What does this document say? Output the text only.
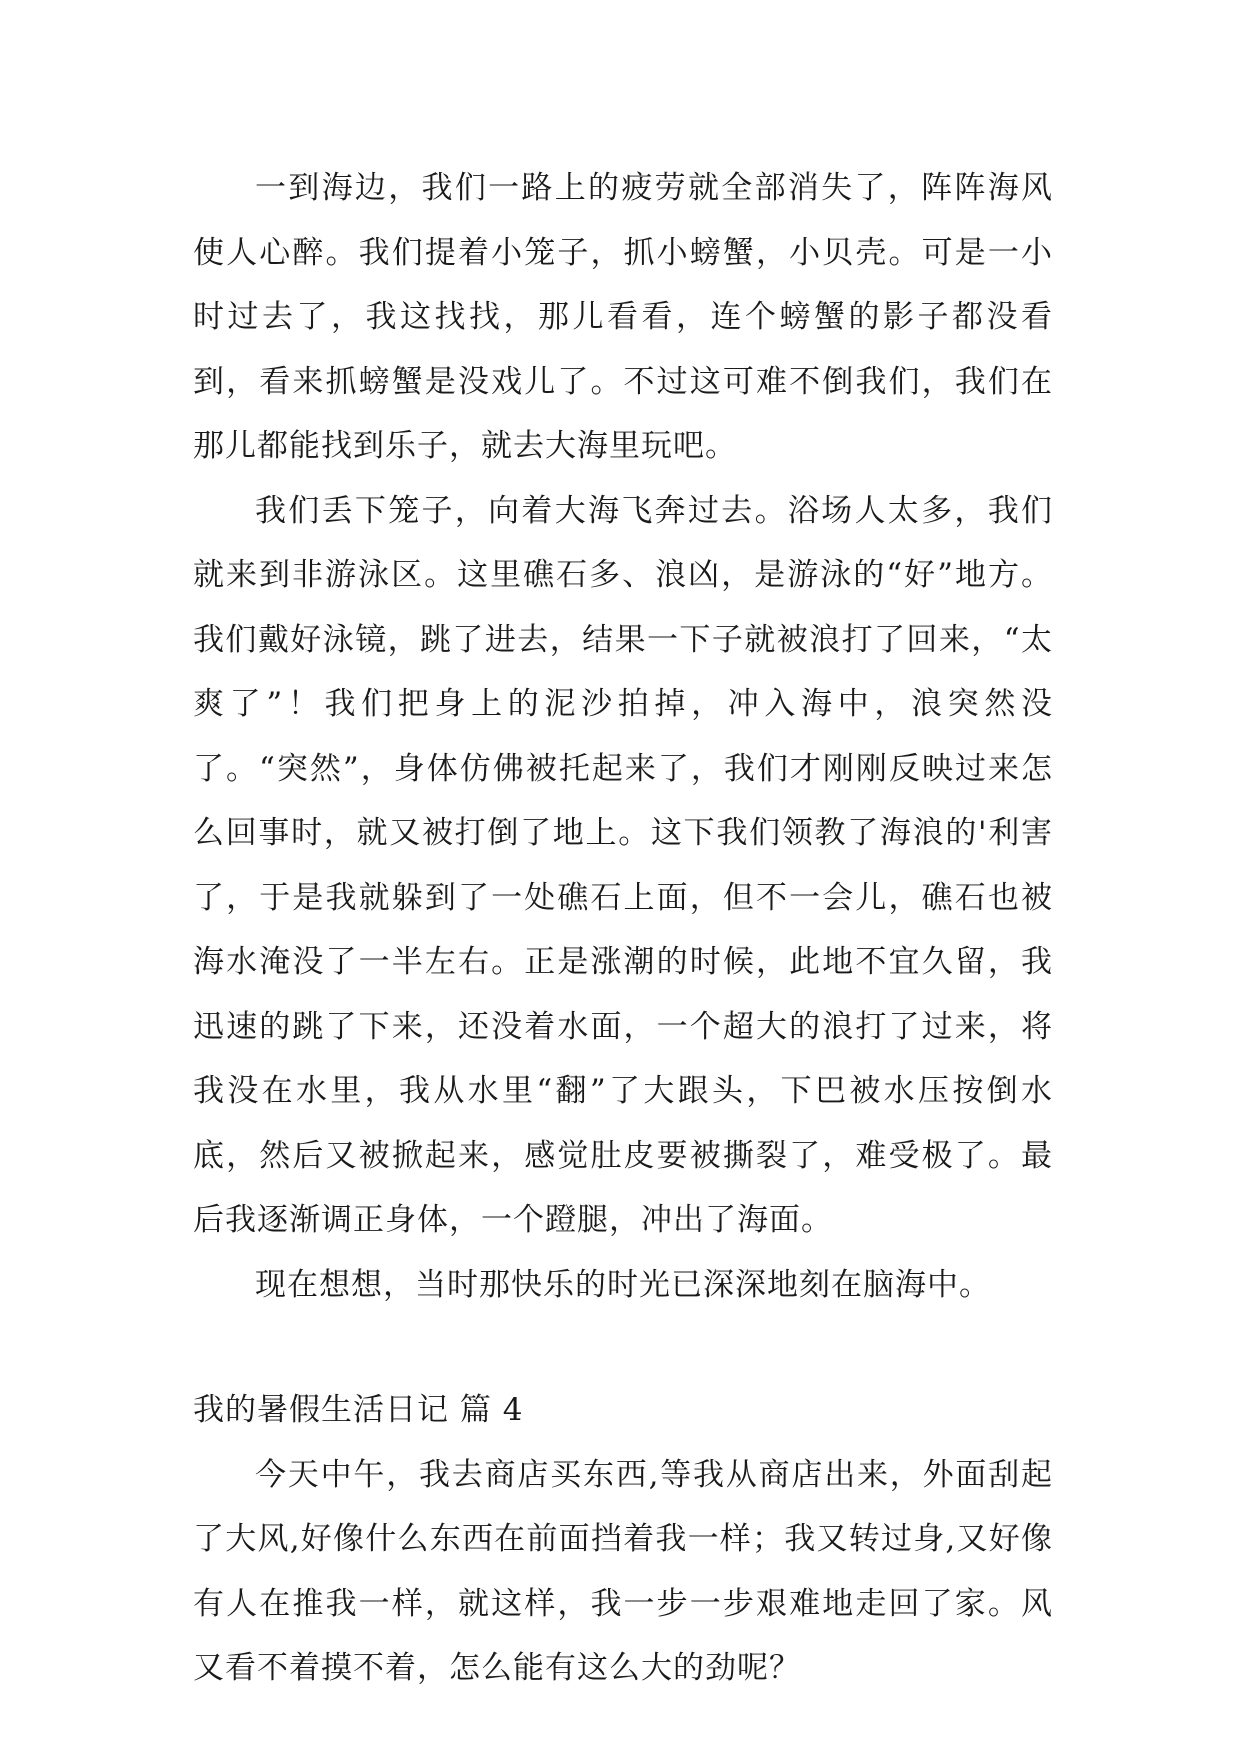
一到海边，我们一路上的疲劳就全部消失了，阵阵海风使人心醉。我们提着小笼子，抓小螃蟹，小贝壳。可是一小时过去了，我这找找，那儿看看，连个螃蟹的影子都没看到，看来抓螃蟹是没戏儿了。不过这可难不倒我们，我们在那儿都能找到乐子，就去大海里玩吧。

我们丢下笼子，向着大海飞奔过去。浴场人太多，我们就来到非游泳区。这里礁石多、浪凶，是游泳的“好”地方。我们戴好泳镜，跳了进去，结果一下子就被浪打了回来，“太爽了”！我们把身上的泥沙拍掉，冲入海中，浪突然没了。“突然”，身体仿佛被托起来了，我们才刚刚反映过来怎么回事时，就又被打倒了地上。这下我们领教了海浪的'利害了，于是我就躲到了一处礁石上面，但不一会儿，礁石也被海水淹没了一半左右。正是涨潮的时候，此地不宜久留，我迅速的跳了下来，还没着水面，一个超大的浪打了过来，将我没在水里，我从水里“翻”了大跟头，下巴被水压按倒水底，然后又被掀起来，感觉肚皮要被撕裂了，难受极了。最后我逐渐调正身体，一个蹬腿，冲出了海面。

现在想想，当时那快乐的时光已深深地刻在脑海中。

我的暑假生活日记 篇 4

今天中午，我去商店买东西,等我从商店出来，外面刮起了大风,好像什么东西在前面挡着我一样；我又转过身,又好像有人在推我一样，就这样，我一步一步艰难地走回了家。风又看不着摸不着，怎么能有这么大的劲呢？
